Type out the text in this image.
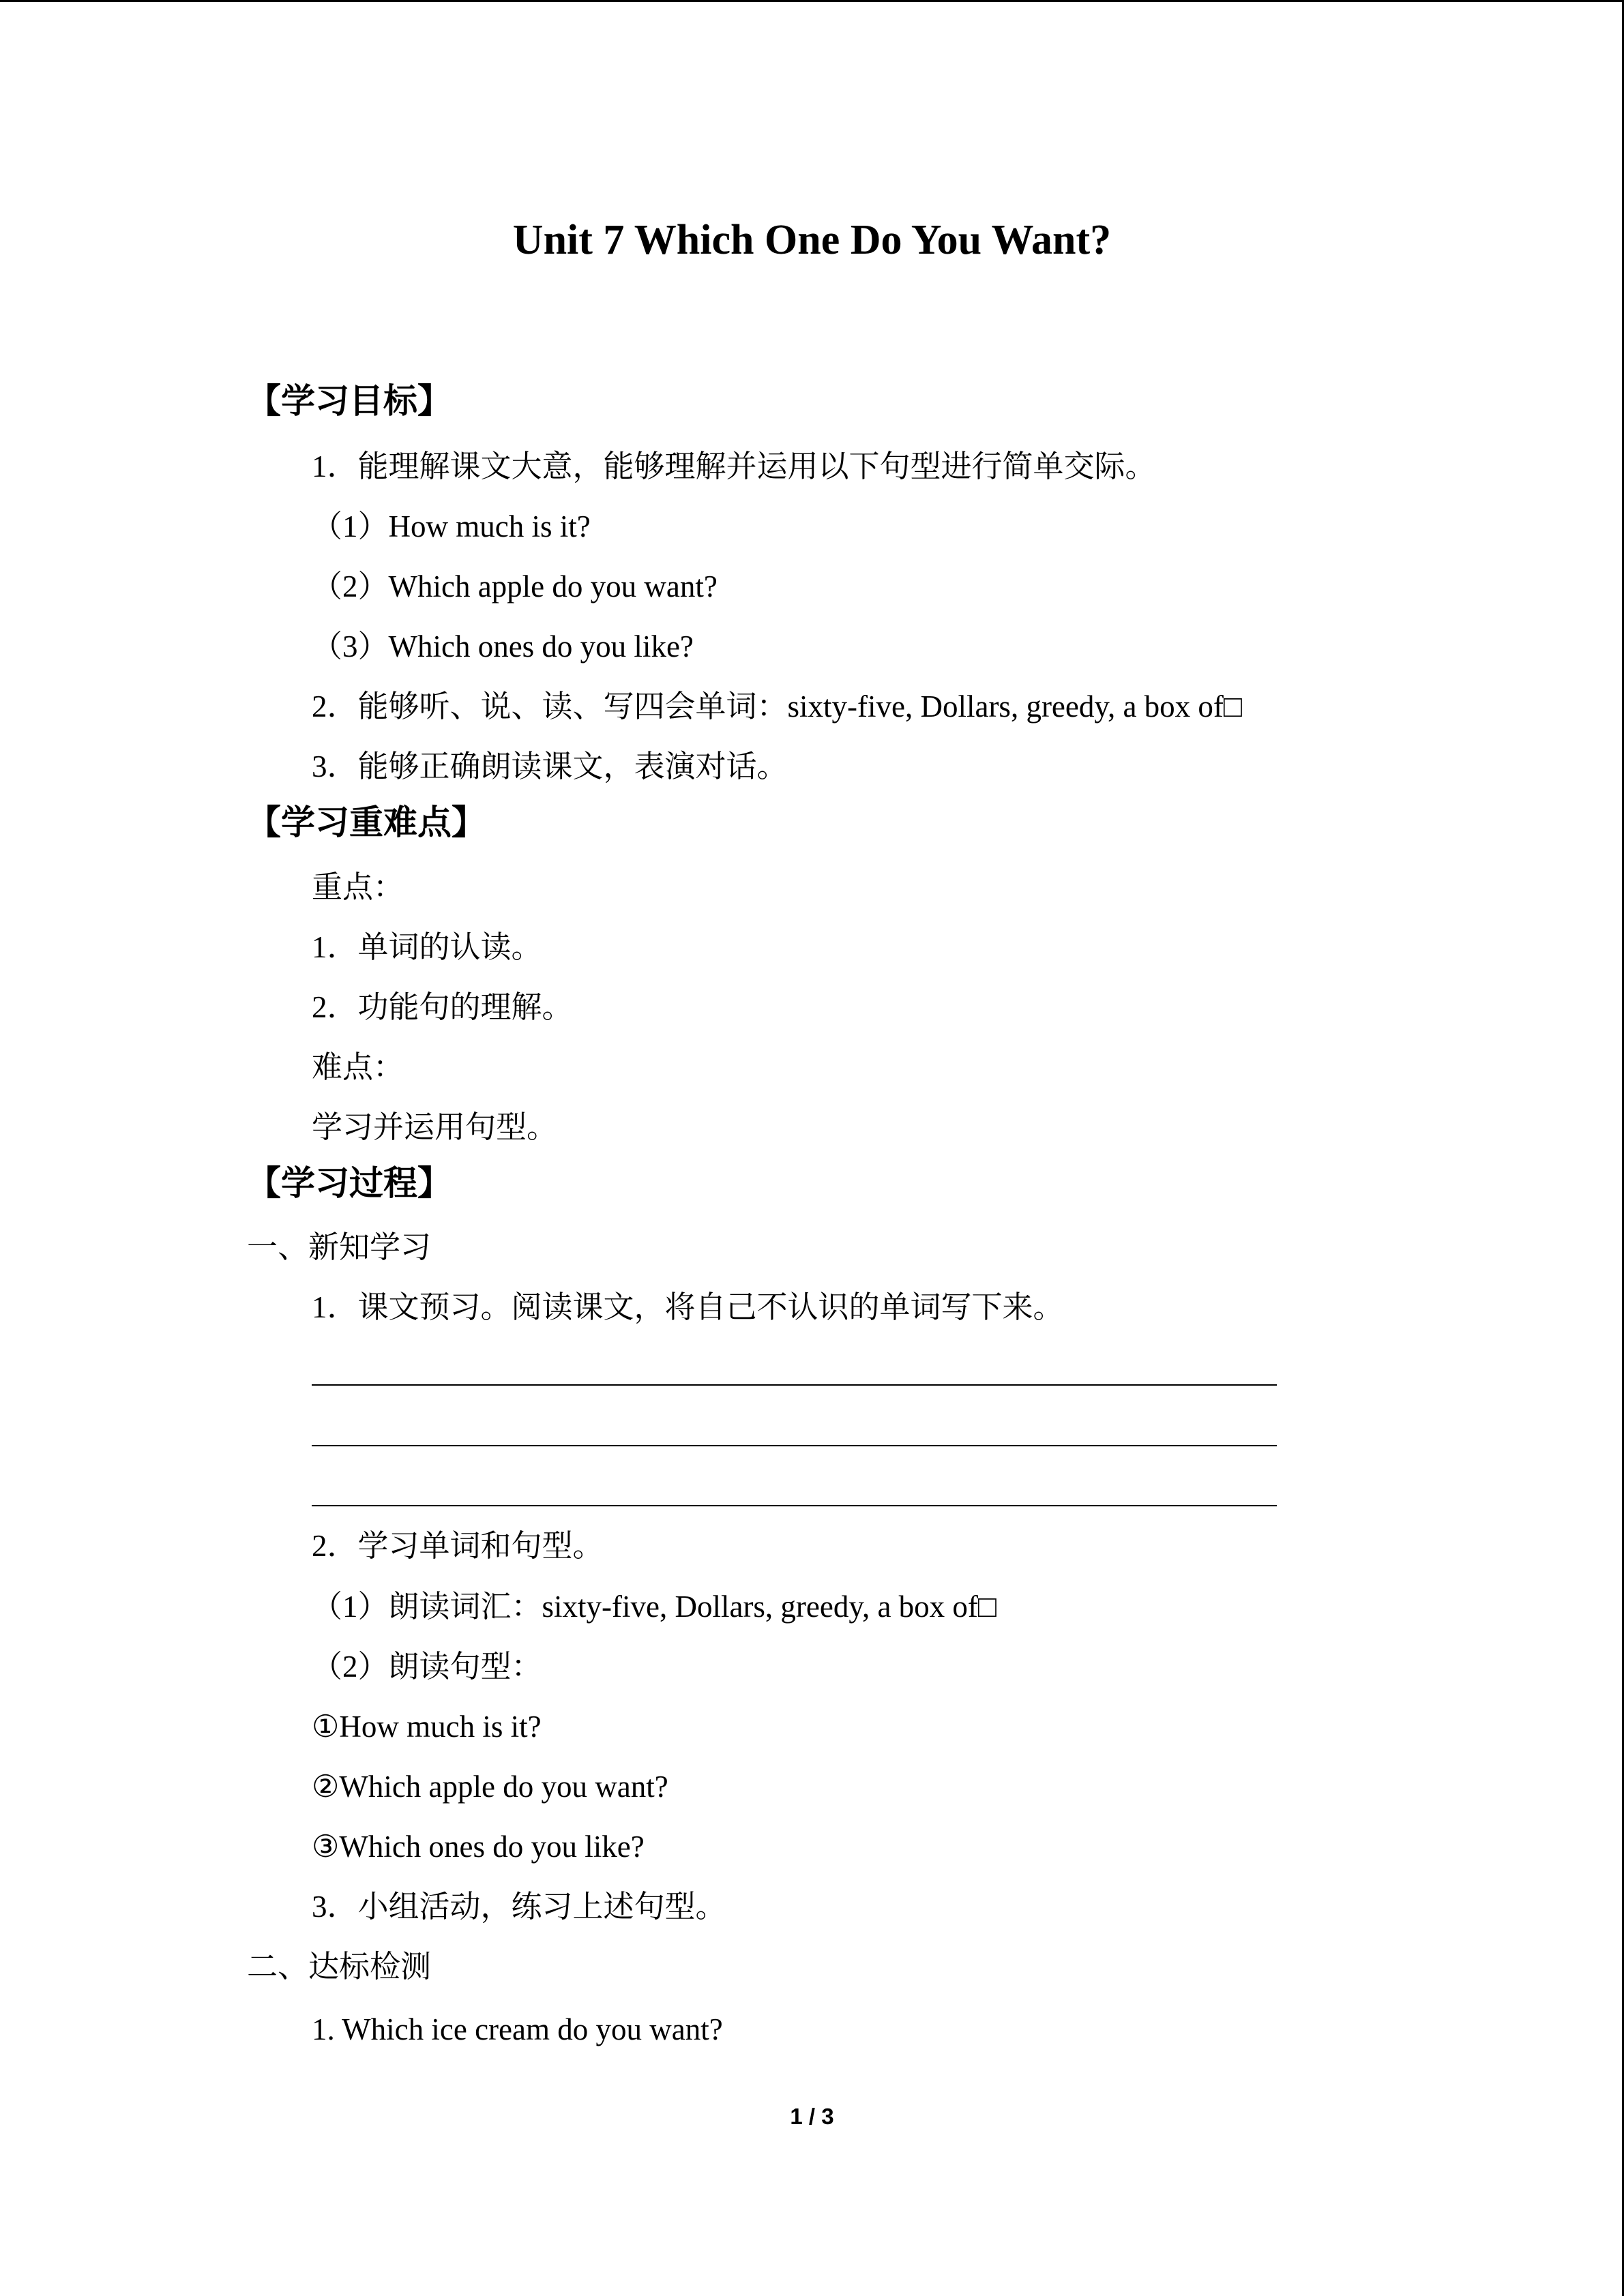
Unit 7 Which One Do You Want?
【学习目标】
1．能理解课文大意，能够理解并运用以下句型进行简单交际。
（1）How much is it?
（2）Which apple do you want?
（3）Which ones do you like?
2．能够听、说、读、写四会单词：sixty-five, Dollars, greedy, a box of□
3．能够正确朗读课文，表演对话。
【学习重难点】
重点：
1．单词的认读。
2．功能句的理解。
难点：
学习并运用句型。
【学习过程】
一、新知学习
1．课文预习。阅读课文，将自己不认识的单词写下来。
2．学习单词和句型。
（1）朗读词汇：sixty-five, Dollars, greedy, a box of□
（2）朗读句型：
①How much is it?
②Which apple do you want?
③Which ones do you like?
3．小组活动，练习上述句型。
二、达标检测
1. Which ice cream do you want?
1 / 3
